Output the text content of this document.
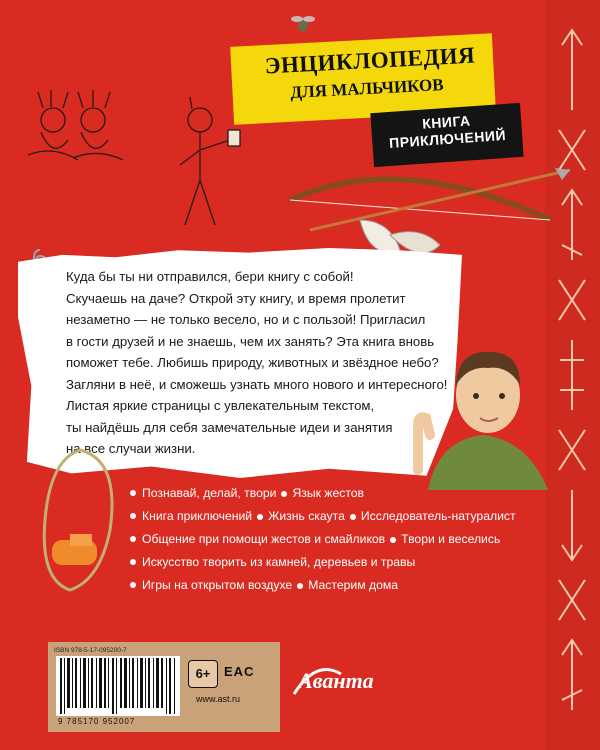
ЭНЦИКЛОПЕДИЯ
ДЛЯ МАЛЬЧИКОВ
КНИГА
ПРИКЛЮЧЕНИЙ
Куда бы ты ни отправился, бери книгу с собой!
Скучаешь на даче? Открой эту книгу, и время пролетит
незаметно — не только весело, но и с пользой! Пригласил
в гости друзей и не знаешь, чем их занять? Эта книга вновь
поможет тебе. Любишь природу, животных и звёздное небо?
Загляни в неё, и сможешь узнать много нового и интересного!
Листая яркие страницы с увлекательным текстом,
ты найдёшь для себя замечательные идеи и занятия
на все случаи жизни.
Познавай, делай, твори Язык жестов
Книга приключений Жизнь скаута Исследователь-натуралист
Общение при помощи жестов и смайликов Твори и веселись
Искусство творить из камней, деревьев и травы
Игры на открытом воздухе Мастерим дома
ISBN 978-5-17-095200-7
9 785170 952007
6+	EAC
www.ast.ru
Аванта
